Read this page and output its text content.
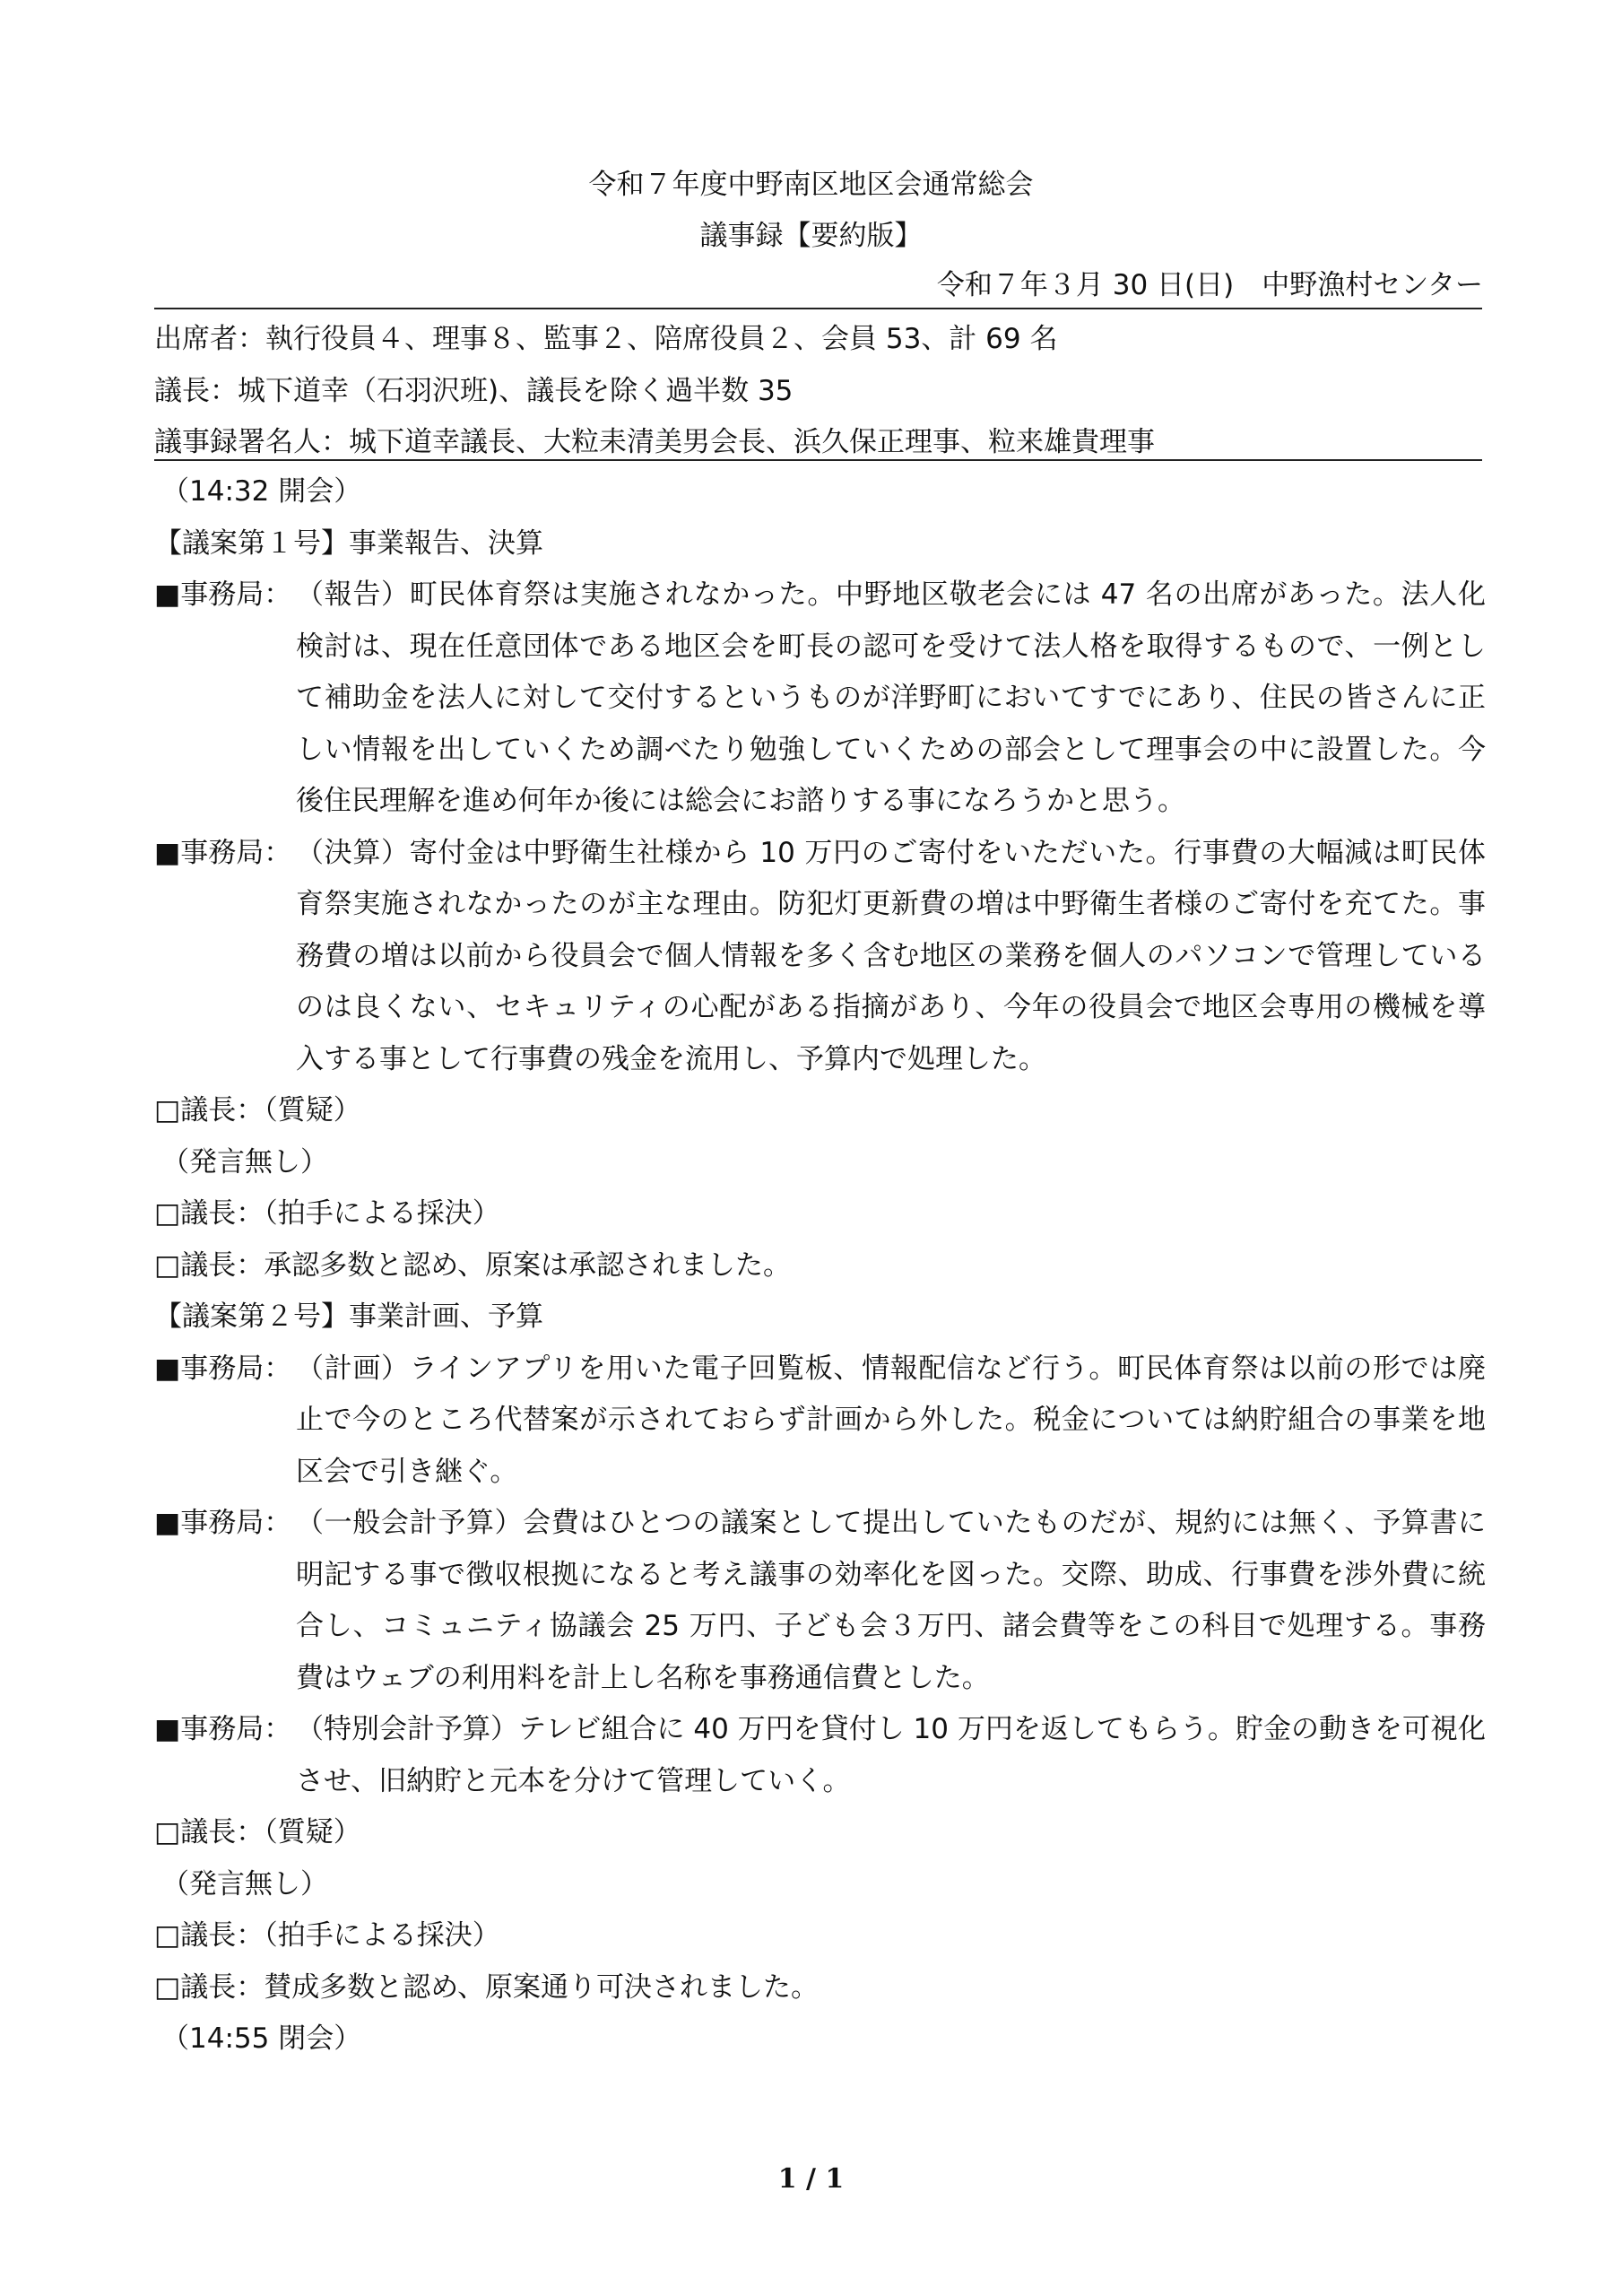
令和７年度中野南区地区会通常総会
議事録【要約版】
令和７年３月 30 日(日)　中野漁村センター
出席者：執行役員４、理事８、監事２、陪席役員２、会員 53、計 69 名
議長：城下道幸（石羽沢班)、議長を除く過半数 35
議事録署名人：城下道幸議長、大粒耒清美男会長、浜久保正理事、粒来雄貴理事
（14:32 開会）
【議案第１号】事業報告、決算
■事務局： （報告）町民体育祭は実施されなかった。中野地区敬老会には 47 名の出席があった。法人化検討は、現在任意団体である地区会を町長の認可を受けて法人格を取得するもので、一例として補助金を法人に対して交付するというものが洋野町においてすでにあり、住民の皆さんに正しい情報を出していくため調べたり勉強していくための部会として理事会の中に設置した。今後住民理解を進め何年か後には総会にお諮りする事になろうかと思う。
■事務局： （決算）寄付金は中野衛生社様から 10 万円のご寄付をいただいた。行事費の大幅減は町民体育祭実施されなかったのが主な理由。防犯灯更新費の増は中野衛生者様のご寄付を充てた。事務費の増は以前から役員会で個人情報を多く含む地区の業務を個人のパソコンで管理しているのは良くない、セキュリティの心配がある指摘があり、今年の役員会で地区会専用の機械を導入する事として行事費の残金を流用し、予算内で処理した。
□議長：（質疑）
（発言無し）
□議長：（拍手による採決）
□議長：承認多数と認め、原案は承認されました。
【議案第２号】事業計画、予算
■事務局： （計画）ラインアプリを用いた電子回覧板、情報配信など行う。町民体育祭は以前の形では廃止で今のところ代替案が示されておらず計画から外した。税金については納貯組合の事業を地区会で引き継ぐ。
■事務局： （一般会計予算）会費はひとつの議案として提出していたものだが、規約には無く、予算書に明記する事で徴収根拠になると考え議事の効率化を図った。交際、助成、行事費を渉外費に統合し、コミュニティ協議会 25 万円、子ども会３万円、諸会費等をこの科目で処理する。事務費はウェブの利用料を計上し名称を事務通信費とした。
■事務局： （特別会計予算）テレビ組合に 40 万円を貸付し 10 万円を返してもらう。貯金の動きを可視化させ、旧納貯と元本を分けて管理していく。
□議長：（質疑）
（発言無し）
□議長：（拍手による採決）
□議長：賛成多数と認め、原案通り可決されました。
（14:55 閉会）
1 / 1
